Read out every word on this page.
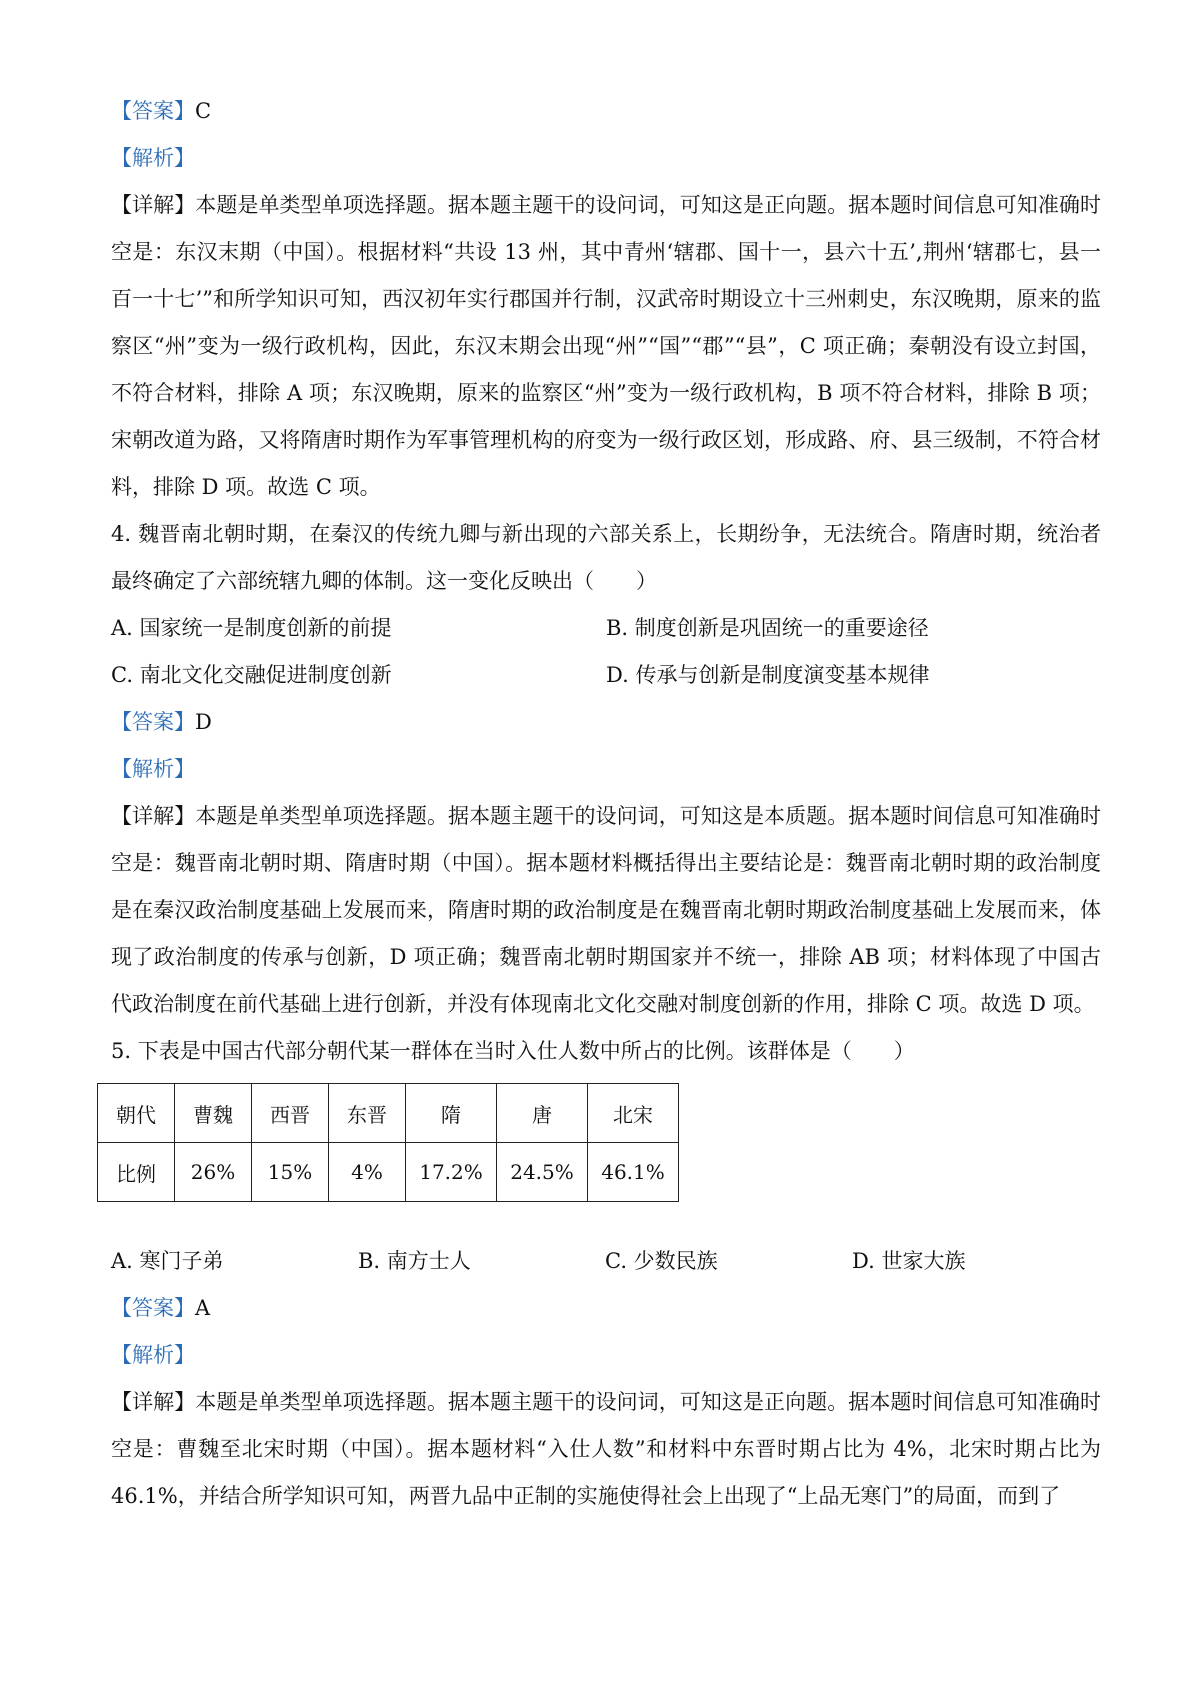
【答案】C
【解析】
【详解】本题是单类型单项选择题。据本题主题干的设问词，可知这是正向题。据本题时间信息可知准确时空是：东汉末期（中国）。根据材料“共设 13 州，其中青州‘辖郡、国十一，县六十五’,荆州‘辖郡七，县一百一十七’”和所学知识可知，西汉初年实行郡国并行制，汉武帝时期设立十三州刺史，东汉晚期，原来的监察区“州”变为一级行政机构，因此，东汉末期会出现“州”“国”“郡”“县”，C 项正确；秦朝没有设立封国，不符合材料，排除 A 项；东汉晚期，原来的监察区“州”变为一级行政机构，B 项不符合材料，排除 B 项；宋朝改道为路，又将隋唐时期作为军事管理机构的府变为一级行政区划，形成路、府、县三级制，不符合材料，排除 D 项。故选 C 项。
4. 魏晋南北朝时期，在秦汉的传统九卿与新出现的六部关系上，长期纷争，无法统合。隋唐时期，统治者最终确定了六部统辖九卿的体制。这一变化反映出（　　）
A. 国家统一是制度创新的前提	B. 制度创新是巩固统一的重要途径
C. 南北文化交融促进制度创新	D. 传承与创新是制度演变基本规律
【答案】D
【解析】
【详解】本题是单类型单项选择题。据本题主题干的设问词，可知这是本质题。据本题时间信息可知准确时空是：魏晋南北朝时期、隋唐时期（中国）。据本题材料概括得出主要结论是：魏晋南北朝时期的政治制度是在秦汉政治制度基础上发展而来，隋唐时期的政治制度是在魏晋南北朝时期政治制度基础上发展而来，体现了政治制度的传承与创新，D 项正确；魏晋南北朝时期国家并不统一，排除 AB 项；材料体现了中国古代政治制度在前代基础上进行创新，并没有体现南北文化交融对制度创新的作用，排除 C 项。故选 D 项。
5. 下表是中国古代部分朝代某一群体在当时入仕人数中所占的比例。该群体是（　　）
朝代	曹魏	西晋	东晋	隋	唐	北宋
比例	26%	15%	4%	17.2%	24.5%	46.1%
A. 寒门子弟	B. 南方士人	C. 少数民族	D. 世家大族
【答案】A
【解析】
【详解】本题是单类型单项选择题。据本题主题干的设问词，可知这是正向题。据本题时间信息可知准确时空是：曹魏至北宋时期（中国）。据本题材料“入仕人数”和材料中东晋时期占比为 4%，北宋时期占比为 46.1%，并结合所学知识可知，两晋九品中正制的实施使得社会上出现了“上品无寒门”的局面，而到了
